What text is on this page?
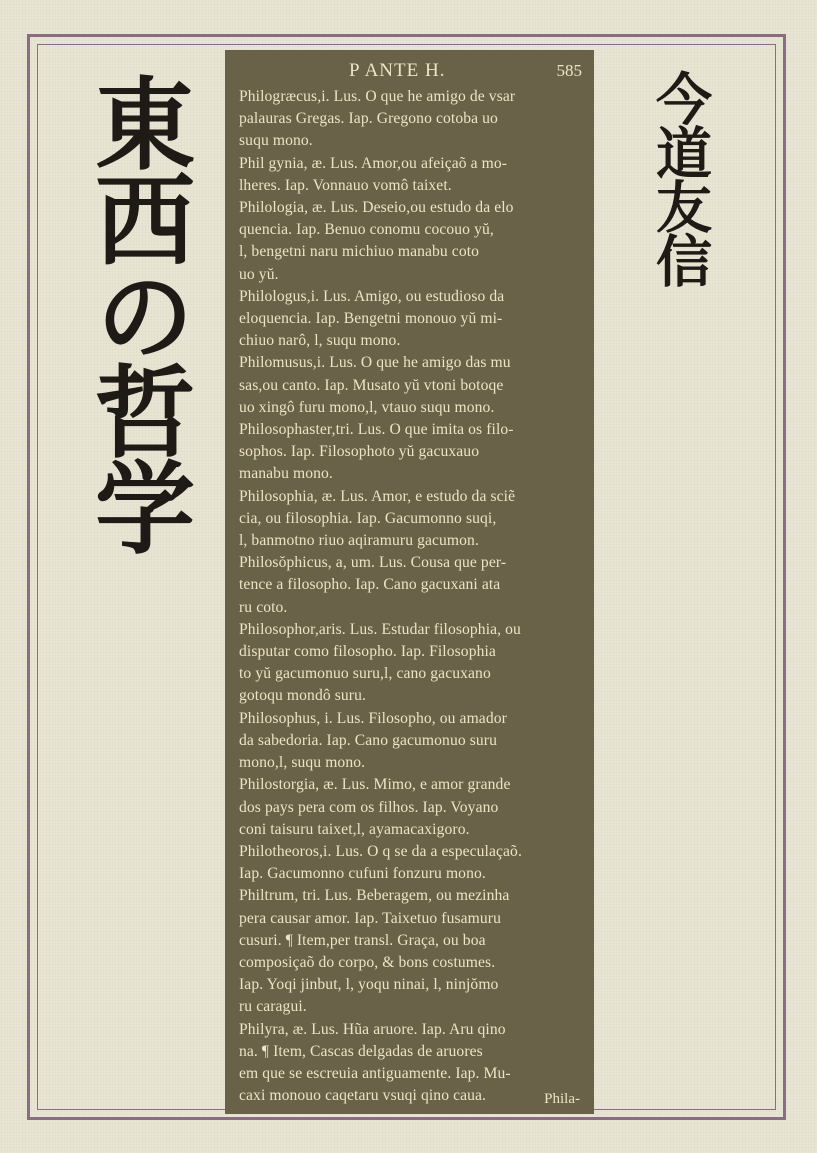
東西の哲学	今道友信
P ANTE H.	585
Philogræcus,i. Lus. O que he amigo de vsar
palauras Gregas. Iap. Gregono cotoba uo
suqu mono.
Phil gynia, æ. Lus. Amor,ou afeiçaõ a mo-
lheres. Iap. Vonnauo vomô taixet.
Philologia, æ. Lus. Deseio,ou estudo da elo
quencia. Iap. Benuo conomu cocouo yŭ,
l, bengetni naru michiuo manabu coto
uo yŭ.
Philologus,i. Lus. Amigo, ou estudioso da
eloquencia. Iap. Bengetni monouo yŭ mi-
chiuo narô, l, suqu mono.
Philomusus,i. Lus. O que he amigo das mu
sas,ou canto. Iap. Musato yŭ vtoni botoqe
uo xingô furu mono,l, vtauo suqu mono.
Philosophaster,tri. Lus. O que imita os filo-
sophos. Iap. Filosophoto yŭ gacuxauo
manabu mono.
Philosophia, æ. Lus. Amor, e estudo da sciẽ
cia, ou filosophia. Iap. Gacumonno suqi,
l, banmotno riuo aqiramuru gacumon.
Philosŏphicus, a, um. Lus. Cousa que per-
tence a filosopho. Iap. Cano gacuxani ata
ru coto.
Philosophor,aris. Lus. Estudar filosophia, ou
disputar como filosopho. Iap. Filosophia
to yŭ gacumonuo suru,l, cano gacuxano
gotoqu mondô suru.
Philosophus, i. Lus. Filosopho, ou amador
da sabedoria. Iap. Cano gacumonuo suru
mono,l, suqu mono.
Philostorgia, æ. Lus. Mimo, e amor grande
dos pays pera com os filhos. Iap. Voyano
coni taisuru taixet,l, ayamacaxigoro.
Philotheoros,i. Lus. O q se da a especulaçaõ.
Iap. Gacumonno cufuni fonzuru mono.
Philtrum, tri. Lus. Beberagem, ou mezinha
pera causar amor. Iap. Taixetuo fusamuru
cusuri. ¶ Item,per transl. Graça, ou boa
composiçaõ do corpo, & bons costumes.
Iap. Yoqi jinbut, l, yoqu ninai, l, ninjŏmo
ru caragui.
Philyra, æ. Lus. Hũa aruore. Iap. Aru qino
na. ¶ Item, Cascas delgadas de aruores
em que se escreuia antiguamente. Iap. Mu-
caxi monouo caqetaru vsuqi qino caua.	Phila-
